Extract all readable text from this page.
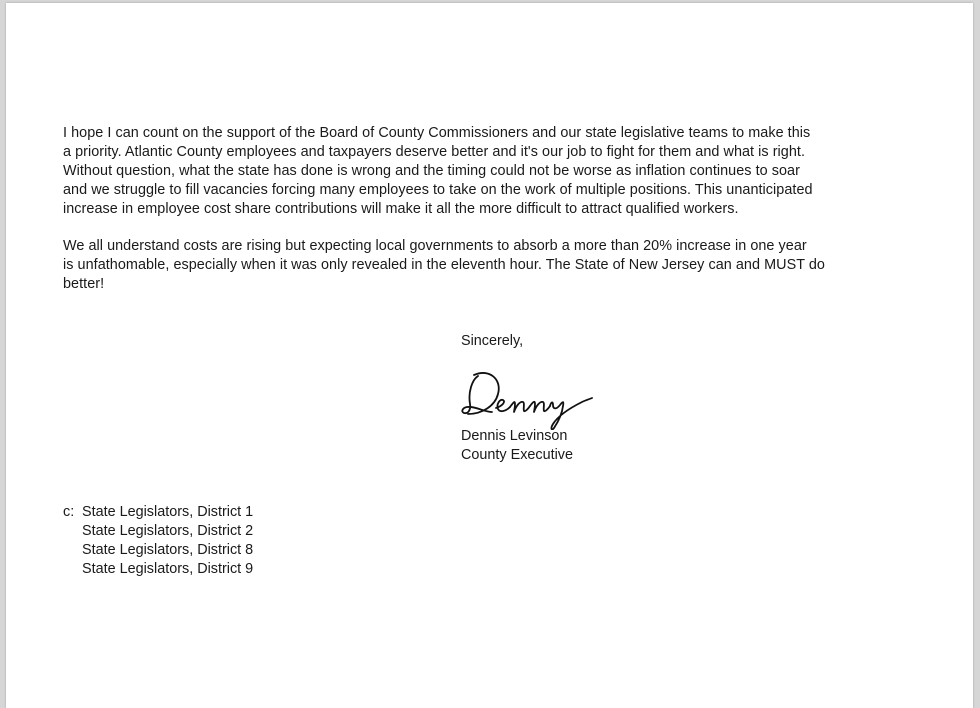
I hope I can count on the support of the Board of County Commissioners and our state legislative teams to make this
a priority. Atlantic County employees and taxpayers deserve better and it's our job to fight for them and what is right.
Without question, what the state has done is wrong and the timing could not be worse as inflation continues to soar
and we struggle to fill vacancies forcing many employees to take on the work of multiple positions. This unanticipated
increase in employee cost share contributions will make it all the more difficult to attract qualified workers.
We all understand costs are rising but expecting local governments to absorb a more than 20% increase in one year
is unfathomable, especially when it was only revealed in the eleventh hour. The State of New Jersey can and MUST do
better!
Sincerely,
Dennis Levinson
County Executive
c: State Legislators, District 1
State Legislators, District 2
State Legislators, District 8
State Legislators, District 9
